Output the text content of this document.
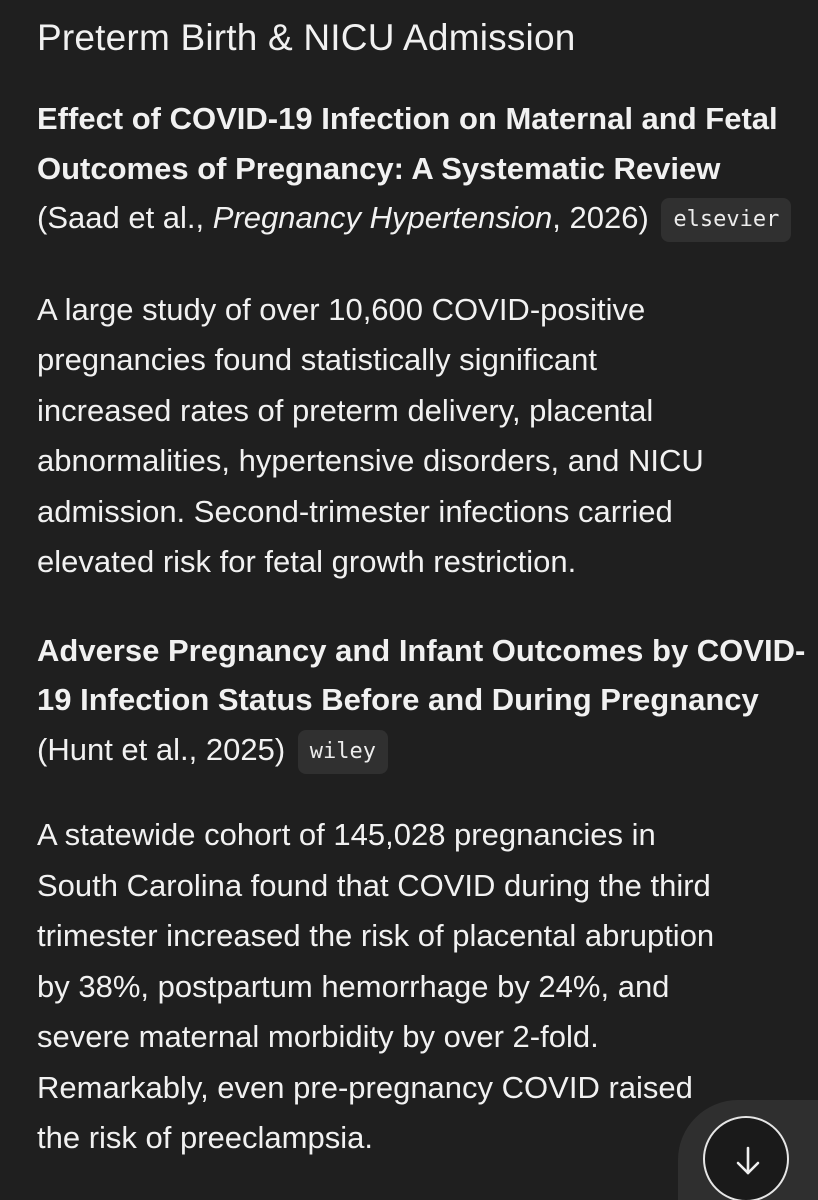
Preterm Birth & NICU Admission

Effect of COVID-19 Infection on Maternal and Fetal Outcomes of Pregnancy: A Systematic Review (Saad et al., Pregnancy Hypertension, 2026) elsevier

A large study of over 10,600 COVID-positive

pregnancies found statistically significant

increased rates of preterm delivery, placental

abnormalities, hypertensive disorders, and NICU

admission. Second-trimester infections carried

elevated risk for fetal growth restriction.

Adverse Pregnancy and Infant Outcomes by COVID-19 Infection Status Before and During Pregnancy (Hunt et al., 2025) wiley

A statewide cohort of 145,028 pregnancies in

South Carolina found that COVID during the third

trimester increased the risk of placental abruption

by 38%, postpartum hemorrhage by 24%, and

severe maternal morbidity by over 2-fold.

Remarkably, even pre-pregnancy COVID raised

the risk of preeclampsia.
